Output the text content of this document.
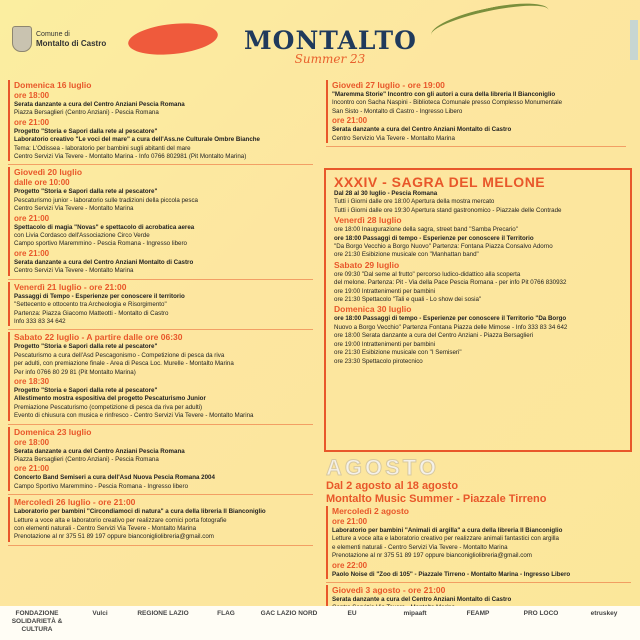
Comune di
Montalto di Castro	MONTALTO
Summer 23
Domenica 16 luglio
ore 18:00
Serata danzante a cura del Centro Anziani Pescia Romana
Piazza Bersaglieri (Centro Anziani) - Pescia Romana
ore 21:00
Progetto "Storia e Sapori dalla rete al pescatore"
Laboratorio creativo "Le voci del mare" a cura dell'Ass.ne Culturale Ombre Bianche
Tema: L'Odissea - laboratorio per bambini sugli abitanti del mare
Centro Servizi Via Tevere - Montalto Marina - Info 0766 802981 (Pit Montalto Marina)
Giovedì 20 luglio
dalle ore 10:00
Progetto "Storia e Sapori dalla rete al pescatore"
Pescaturismo junior - laboratorio sulle tradizioni della piccola pesca
Centro Servizi Via Tevere - Montalto Marina
ore 21:00
Spettacolo di magia "Novas" e spettacolo di acrobatica aerea
con Livia Cordasco dell'Associazione Circo Verde
Campo sportivo Maremmino - Pescia Romana - Ingresso libero
ore 21:00
Serata danzante a cura del Centro Anziani Montalto di Castro
Centro Servizi Via Tevere - Montalto Marina
Venerdì 21 luglio - ore 21:00
Passaggi di Tempo - Esperienze per conoscere il territorio
"Settecento e ottocento tra Archeologia e Risorgimento"
Partenza: Piazza Giacomo Matteotti - Montalto di Castro
Info 333 83 34 642
Sabato 22 luglio - A partire dalle ore 06:30
Progetto "Storia e Sapori dalla rete al pescatore"
Pescaturismo a cura dell'Asd Pescagonismo - Competizione di pesca da riva
per adulti, con premiazione finale - Area di Pesca Loc. Murelle - Montalto Marina
Per info 0766 80 29 81 (Pit Montalto Marina)
ore 18:30
Progetto "Storia e Sapori dalla rete al pescatore"
Allestimento mostra espositiva del progetto Pescaturismo Junior
Premiazione Pescaturismo (competizione di pesca da riva per adulti)
Evento di chiusura con musica e rinfresco - Centro Servizi Via Tevere - Montalto Marina
Domenica 23 luglio
ore 18:00
Serata danzante a cura del Centro Anziani Pescia Romana
Piazza Bersaglieri (Centro Anziani) - Pescia Romana
ore 21:00
Concerto Band Semiseri a cura dell'Asd Nuova Pescia Romana 2004
Campo Sportivo Maremmino - Pescia Romana - Ingresso libero
Mercoledì 26 luglio - ore 21:00
Laboratorio per bambini "Circondiamoci di natura" a cura della libreria Il Bianconiglio
Letture a voce alta e laboratorio creativo per realizzare cornici porta fotografie
con elementi naturali - Centro Servizi Via Tevere - Montalto Marina
Prenotazione al nr 375 51 89 197 oppure bianconigliolibreria@gmail.com
Giovedì 27 luglio - ore 19:00
"Maremma Storie" Incontro con gli autori a cura della libreria Il Bianconiglio
Incontro con Sacha Naspini - Biblioteca Comunale presso Complesso Monumentale
San Sisto - Montalto di Castro - Ingresso Libero
ore 21:00
Serata danzante a cura del Centro Anziani Montalto di Castro
Centro Servizio Via Tevere - Montalto Marina
XXXIV - SAGRA DEL MELONE
Dal 28 al 30 luglio - Pescia Romana
Tutti i Giorni dalle ore 18:00 Apertura della mostra mercato
Tutti i Giorni dalle ore 19:30 Apertura stand gastronomico - Piazzale delle Contrade
Venerdì 28 luglio
ore 18:00 Inaugurazione della sagra, street band "Samba Precario"
ore 18:00 Passaggi di tempo - Esperienze per conoscere il Territorio
"Da Borgo Vecchio a Borgo Nuovo" Partenza: Fontana Piazza Consalvo Adorno
ore 21:30 Esibizione musicale con "Manhattan band"
Sabato 29 luglio
ore 09:30 "Dal seme al frutto" percorso ludico-didattico alla scoperta
del melone. Partenza: Pit - Via della Pace Pescia Romana - per info Pit 0766 830932
ore 19:00 Intrattenimenti per bambini
ore 21:30 Spettacolo "Tali e quali - Lo show dei sosia"
Domenica 30 luglio
ore 18:00 Passaggi di tempo - Esperienze per conoscere il Territorio "Da Borgo
Nuovo a Borgo Vecchio" Partenza Fontana Piazza delle Mimose - Info 333 83 34 642
ore 18:00 Serata danzante a cura del Centro Anziani - Piazza Bersaglieri
ore 19:00 Intrattenimenti per bambini
ore 21:30 Esibizione musicale con "I Semiseri"
ore 23:30 Spettacolo pirotecnico
AGOSTO
Dal 2 agosto al 18 agosto
Montalto Music Summer - Piazzale Tirreno
Mercoledì 2 agosto
ore 21:00
Laboratorio per bambini "Animali di argilla" a cura della libreria Il Bianconiglio
Letture a voce alta e laboratorio creativo per realizzare animali fantastici con argilla
e elementi naturali - Centro Servizi Via Tevere - Montalto Marina
Prenotazione al nr 375 51 89 197 oppure bianconigliolibreria@gmail.com
ore 22:00
Paolo Noise di "Zoo di 105" - Piazzale Tirreno - Montalto Marina - Ingresso Libero
Giovedì 3 agosto - ore 21:00
Serata danzante a cura del Centro Anziani Montalto di Castro
FONDAZIONE SOLIDARIETÀ & CULTURA
Vulci	REGIONE LAZIO	FLAG	GAC LAZIO NORD	EU	mipaaft	FEAMP	PRO LOCO	etruskey
